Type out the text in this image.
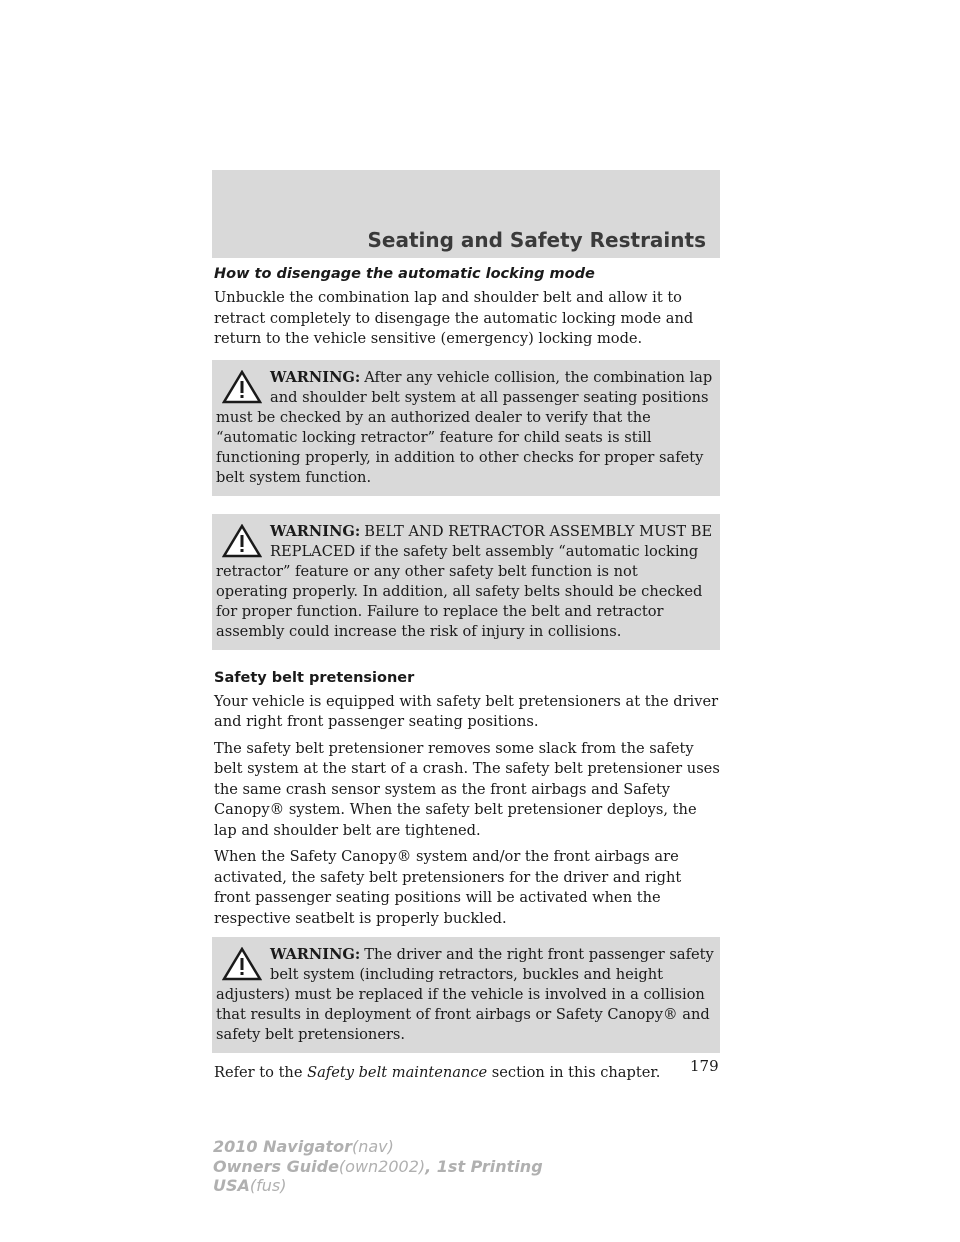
Seating and Safety Restraints
How to disengage the automatic locking mode

Unbuckle the combination lap and shoulder belt and allow it to retract completely to disengage the automatic locking mode and return to the vehicle sensitive (emergency) locking mode.

WARNING: After any vehicle collision, the combination lap and shoulder belt system at all passenger seating positions must be checked by an authorized dealer to verify that the “automatic locking retractor” feature for child seats is still functioning properly, in addition to other checks for proper safety belt system function.
WARNING: BELT AND RETRACTOR ASSEMBLY MUST BE REPLACED if the safety belt assembly “automatic locking retractor” feature or any other safety belt function is not operating properly. In addition, all safety belts should be checked for proper function. Failure to replace the belt and retractor assembly could increase the risk of injury in collisions.
Safety belt pretensioner

Your vehicle is equipped with safety belt pretensioners at the driver and right front passenger seating positions.

The safety belt pretensioner removes some slack from the safety belt system at the start of a crash. The safety belt pretensioner uses the same crash sensor system as the front airbags and Safety Canopy® system. When the safety belt pretensioner deploys, the lap and shoulder belt are tightened.

When the Safety Canopy® system and/or the front airbags are activated, the safety belt pretensioners for the driver and right front passenger seating positions will be activated when the respective seatbelt is properly buckled.

WARNING: The driver and the right front passenger safety belt system (including retractors, buckles and height adjusters) must be replaced if the vehicle is involved in a collision that results in deployment of front airbags or Safety Canopy® and safety belt pretensioners.

Refer to the Safety belt maintenance section in this chapter.	179
2010 Navigator(nav)
Owners Guide(own2002), 1st Printing
USA(fus)
